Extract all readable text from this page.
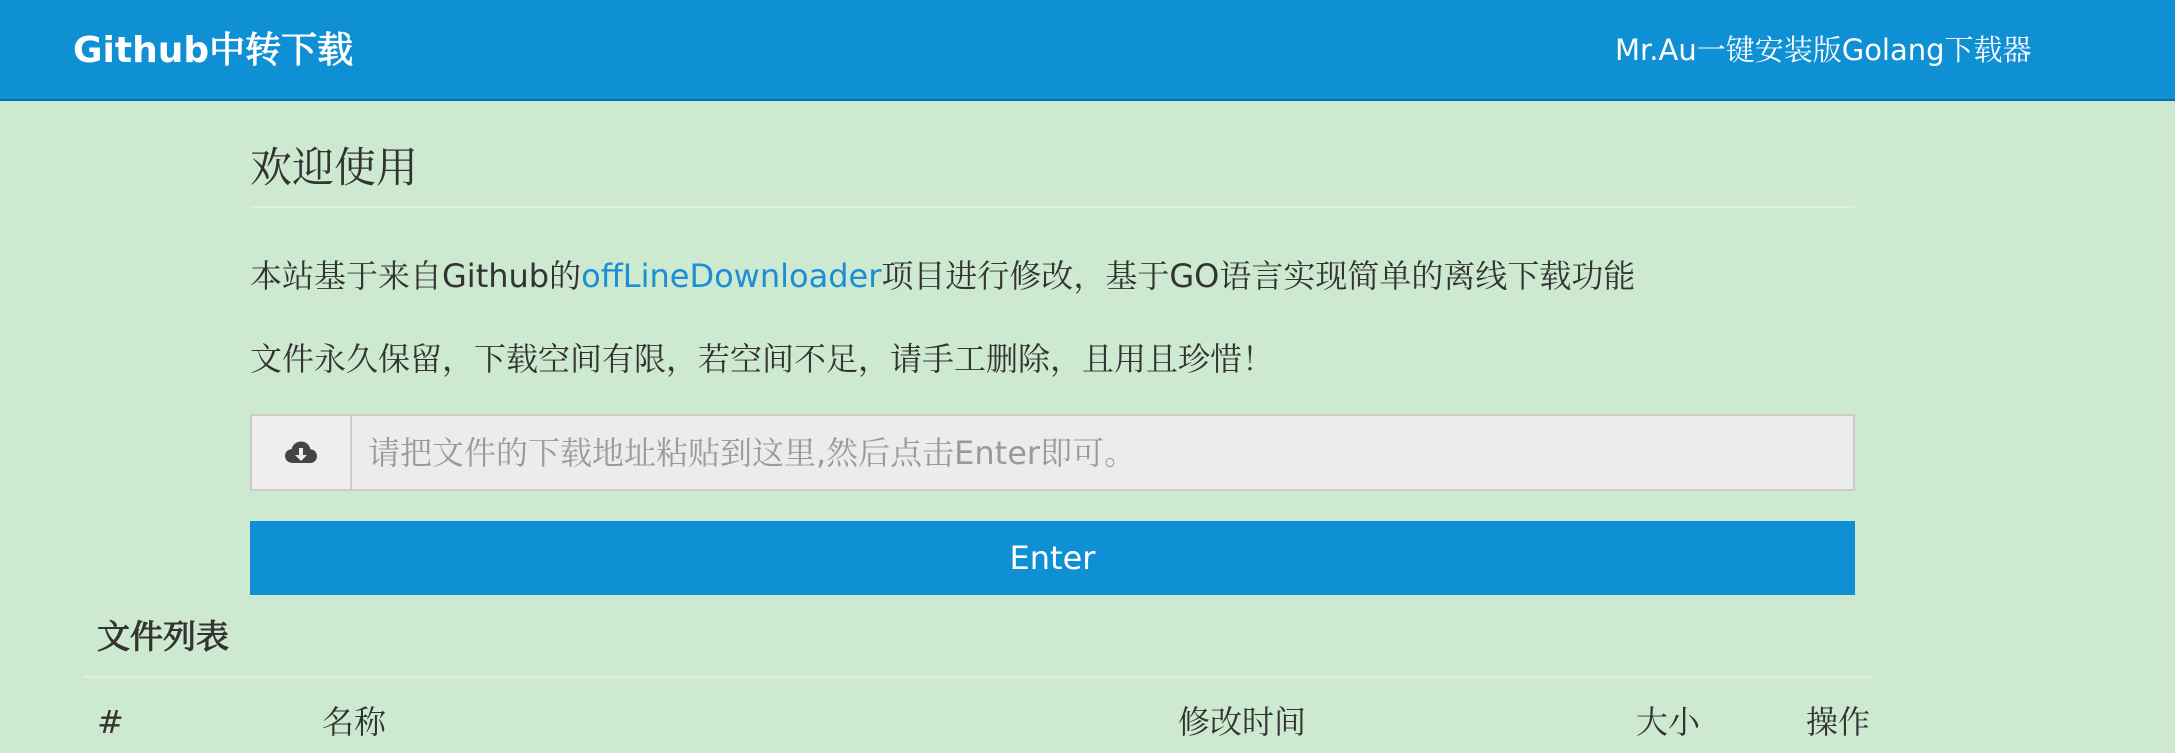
Github中转下载	Mr.Au一键安装版Golang下载器
欢迎使用
本站基于来自Github的offLineDownloader项目进行修改，基于GO语言实现简单的离线下载功能
文件永久保留，下载空间有限，若空间不足，请手工删除，且用且珍惜！
请把文件的下载地址粘贴到这里,然后点击Enter即可。
Enter
文件列表
#	名称	修改时间	大小	操作
